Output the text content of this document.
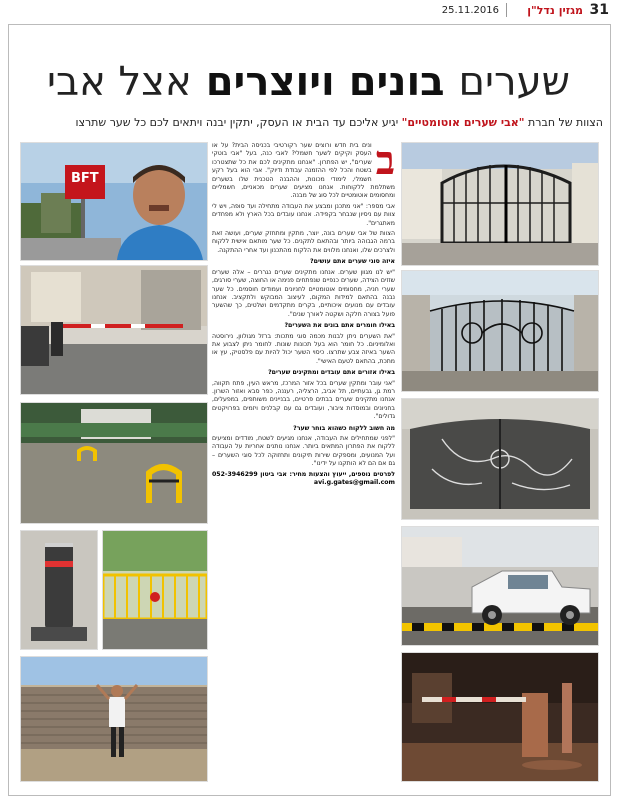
31
מגזין נדל"ן
25.11.2016
שערים בונים ויוצרים אצל אבי
הצוות של חברת "אבי שערים אוטומטיים" יגיע אליכם עד הבית או העסק, יתקין יבנה ויתאים לכם כל שער שתרצו
BFT	ב

ונים בית חדש ורוצים שער רקורטיבי בכניסה הבית? על או העסק וקיקים לשער חשמלי? לאבי כנה, בעל "אבי בוטקי שערים", יש הפתרון. "אנחנו מתקינים לכם את כל שתצטרכו בשטח והכל לפי ההזמנה עבודת ודיוק". אבי הוא בעל רקע חשמלי, לימודי מכונות, וההבנה הטכנית שלו בשערים משתלמת ללקוחות. אנחנו מציעים שערים מכאניים, חשמליים ומחסומים אוטומטיים לכל סוג של מבנה.

אבי מספר: "אני מתכנן ומבצע את העבודה מתחילה ועד סופה, ויש לי צוות עם ניסיון שנבחר בקפידה. אנחנו עובדים בכל הארץ ולא מפחדים מאתגרים".

הצוות של אבי שערים בונה, יוצר, מתקין ומתחזק שערים, ועושה זאת ברמה הגבוהה ביותר ובהתאם לתקנים. כל שער מותאם אישית ללקוח ולצרכים שלו, ואנחנו מלווים את הלקוח מהתכנון ועד אחרי ההתקנה.

איזה סוגי שערים אתם עושים?

"יש לנו מגוון שערים. אנחנו מתקינים שערים נגררים – אלה שערים שזזים הצידה, שערים כנפיים שנפתחים פנימה או החוצה, שערי סורגים, שערי חניה, מחסומים אוטומטיים לחניונים ועמודים חוסמים. כל שער נבנה בהתאם למידות המקום, לעיצוב המבוקש ולתקציב. אנחנו עובדים עם מנועים איכותיים, בקרים מתקדמים ושלטים, כך שהשער פועל בצורה חלקה ושקטה לאורך שנים".

באילו חומרים אתם בונים את השערים?

"את השערים ניתן לבנות מכמה סוגי מתכות: ברזל מגולוון, נירוסטה ואלומיניום. כל חומר הוא בעל תכונות שונות. לחומר ניתן לצבוע את השער באיזה צבע שתרצו. כיסוי השער יכול להיות עם פלסטיק, עץ או מתכת, בהתאם לטעם האישי".

באילו אזורים אתם עובדים ומתקינים שערים?

"אני עובר ומתקין שערים בכל אזור המרכז, מראש העין, פתח תקווה, רמת גן, גבעתיים, תל אביב, הרצליה, רעננה, כפר סבא ואזור השרון. אנחנו מתקינים שערים בבתים פרטיים, בבניינים משותפים, במפעלים, בחניונים ובמוסדות ציבור, ועובדים גם עם קבלנים ויזמים בפרויקטים גדולים".

מה חשוב ללקוח כשהוא בוחר שער?

"לפני שמתחילים את העבודה, אנחנו מגיעים לשטח, מודדים ומציעים ללקוח את הפתרון המתאים ביותר. אנחנו נותנים אחריות על העבודה ועל המנועים, ומספקים שירות תיקונים ותחזוקה לכל סוגי השערים – גם אם הם לא הותקנו על ידינו".

לפרטים נוספים, ייעוץ והצעות מחיר: אבי ביטון 052-3946299 avi.g.gates@gmail.com
